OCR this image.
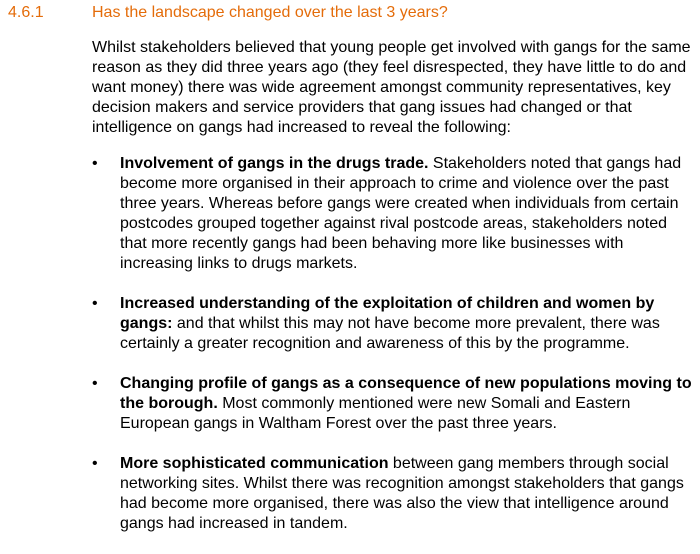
4.6.1	Has the landscape changed over the last 3 years?

Whilst stakeholders believed that young people get involved with gangs for the same reason as they did three years ago (they feel disrespected, they have little to do and want money) there was wide agreement amongst community representatives, key decision makers and service providers that gang issues had changed or that intelligence on gangs had increased to reveal the following:

• Involvement of gangs in the drugs trade. Stakeholders noted that gangs had become more organised in their approach to crime and violence over the past three years. Whereas before gangs were created when individuals from certain postcodes grouped together against rival postcode areas, stakeholders noted that more recently gangs had been behaving more like businesses with increasing links to drugs markets.
• Increased understanding of the exploitation of children and women by gangs: and that whilst this may not have become more prevalent, there was certainly a greater recognition and awareness of this by the programme.
• Changing profile of gangs as a consequence of new populations moving to the borough. Most commonly mentioned were new Somali and Eastern European gangs in Waltham Forest over the past three years.
• More sophisticated communication between gang members through social networking sites. Whilst there was recognition amongst stakeholders that gangs had become more organised, there was also the view that intelligence around gangs had increased in tandem.
